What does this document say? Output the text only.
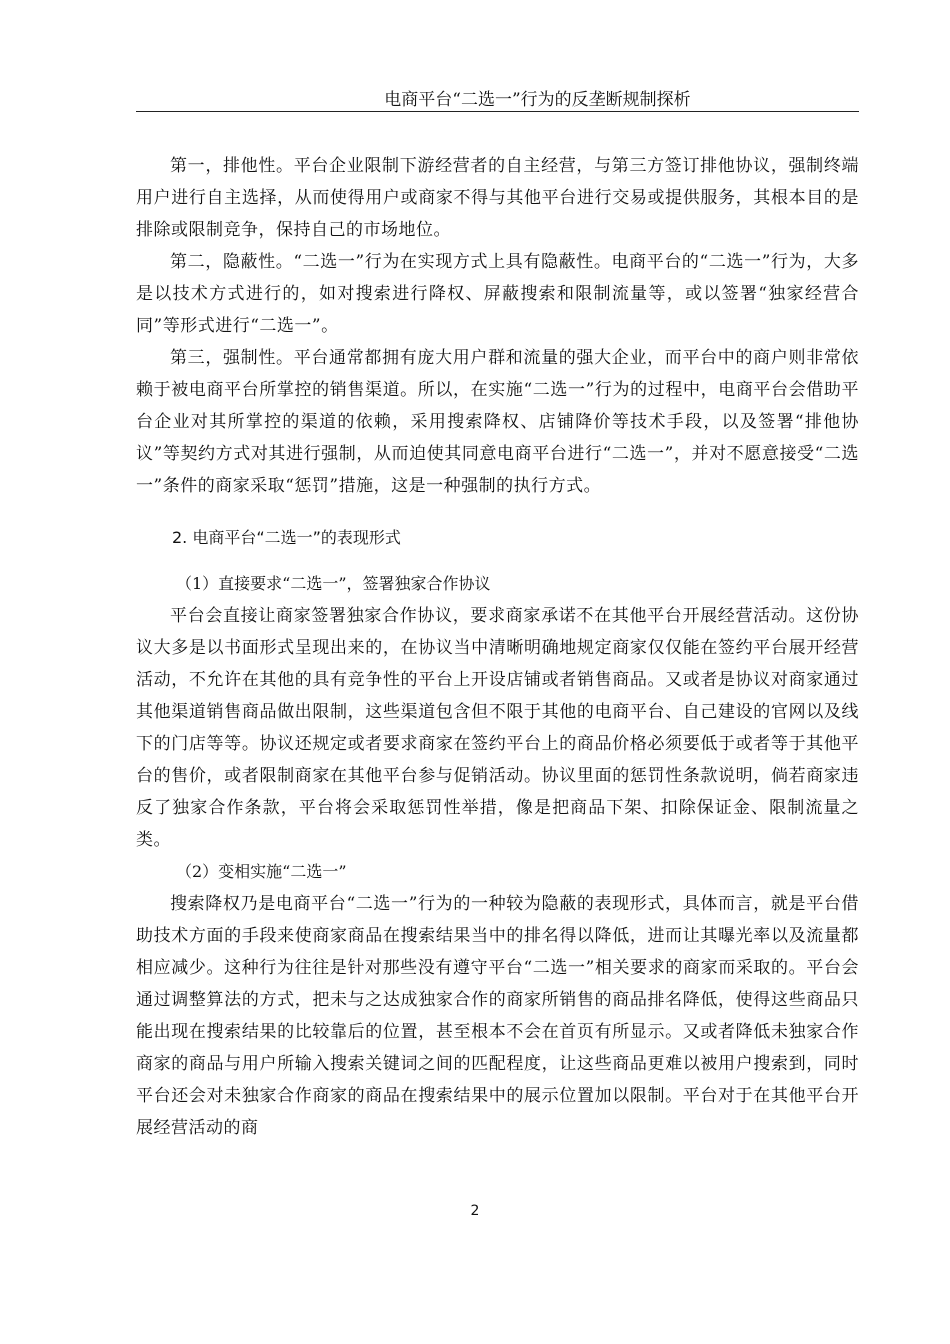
电商平台“二选一”行为的反垄断规制探析

第一，排他性。平台企业限制下游经营者的自主经营，与第三方签订排他协议，强制终端用户进行自主选择，从而使得用户或商家不得与其他平台进行交易或提供服务，其根本目的是排除或限制竞争，保持自己的市场地位。

第二，隐蔽性。“二选一”行为在实现方式上具有隐蔽性。电商平台的“二选一”行为，大多是以技术方式进行的，如对搜索进行降权、屏蔽搜索和限制流量等，或以签署“独家经营合同”等形式进行“二选一”。

第三，强制性。平台通常都拥有庞大用户群和流量的强大企业，而平台中的商户则非常依赖于被电商平台所掌控的销售渠道。所以，在实施“二选一”行为的过程中，电商平台会借助平台企业对其所掌控的渠道的依赖，采用搜索降权、店铺降价等技术手段，以及签署“排他协议”等契约方式对其进行强制，从而迫使其同意电商平台进行“二选一”，并对不愿意接受“二选一”条件的商家采取“惩罚”措施，这是一种强制的执行方式。

2. 电商平台“二选一”的表现形式

（1）直接要求“二选一”，签署独家合作协议

平台会直接让商家签署独家合作协议，要求商家承诺不在其他平台开展经营活动。这份协议大多是以书面形式呈现出来的，在协议当中清晰明确地规定商家仅仅能在签约平台展开经营活动，不允许在其他的具有竞争性的平台上开设店铺或者销售商品。又或者是协议对商家通过其他渠道销售商品做出限制，这些渠道包含但不限于其他的电商平台、自己建设的官网以及线下的门店等等。协议还规定或者要求商家在签约平台上的商品价格必须要低于或者等于其他平台的售价，或者限制商家在其他平台参与促销活动。协议里面的惩罚性条款说明，倘若商家违反了独家合作条款，平台将会采取惩罚性举措，像是把商品下架、扣除保证金、限制流量之类。

（2）变相实施“二选一”

搜索降权乃是电商平台“二选一”行为的一种较为隐蔽的表现形式，具体而言，就是平台借助技术方面的手段来使商家商品在搜索结果当中的排名得以降低，进而让其曝光率以及流量都相应减少。这种行为往往是针对那些没有遵守平台“二选一”相关要求的商家而采取的。平台会通过调整算法的方式，把未与之达成独家合作的商家所销售的商品排名降低，使得这些商品只能出现在搜索结果的比较靠后的位置，甚至根本不会在首页有所显示。又或者降低未独家合作商家的商品与用户所输入搜索关键词之间的匹配程度，让这些商品更难以被用户搜索到，同时平台还会对未独家合作商家的商品在搜索结果中的展示位置加以限制。平台对于在其他平台开展经营活动的商

2
